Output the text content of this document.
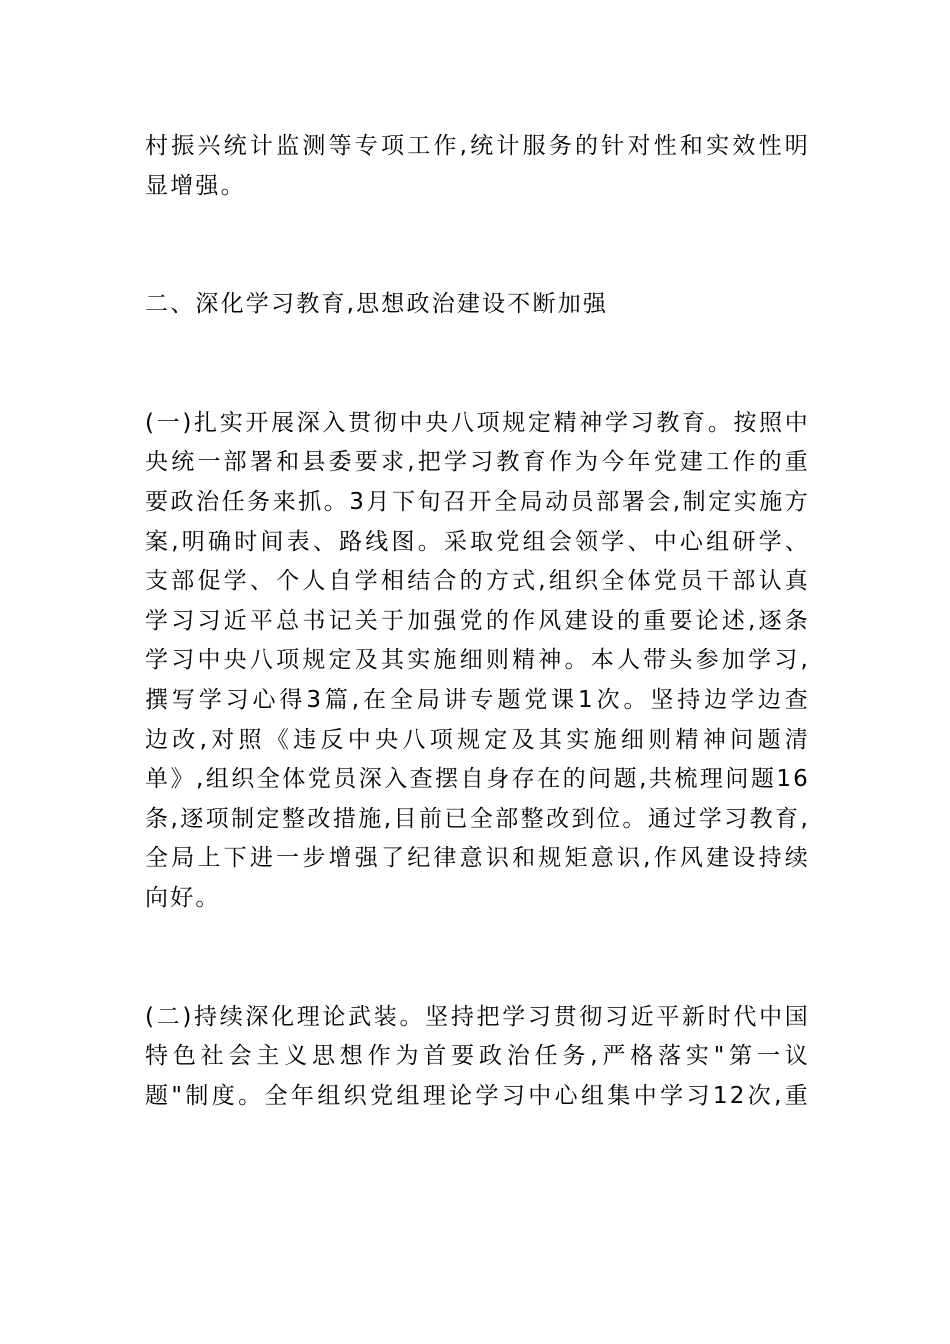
村振兴统计监测等专项工作,统计服务的针对性和实效性明
显增强。
二、深化学习教育,思想政治建设不断加强
(一)扎实开展深入贯彻中央八项规定精神学习教育。按照中
央统一部署和县委要求,把学习教育作为今年党建工作的重
要政治任务来抓。3月下旬召开全局动员部署会,制定实施方
案,明确时间表、路线图。采取党组会领学、中心组研学、
支部促学、个人自学相结合的方式,组织全体党员干部认真
学习习近平总书记关于加强党的作风建设的重要论述,逐条
学习中央八项规定及其实施细则精神。本人带头参加学习,
撰写学习心得3篇,在全局讲专题党课1次。坚持边学边查
边改,对照《违反中央八项规定及其实施细则精神问题清
单》,组织全体党员深入查摆自身存在的问题,共梳理问题16
条,逐项制定整改措施,目前已全部整改到位。通过学习教育,
全局上下进一步增强了纪律意识和规矩意识,作风建设持续
向好。
(二)持续深化理论武装。坚持把学习贯彻习近平新时代中国
特色社会主义思想作为首要政治任务,严格落实"第一议
题"制度。全年组织党组理论学习中心组集中学习12次,重
